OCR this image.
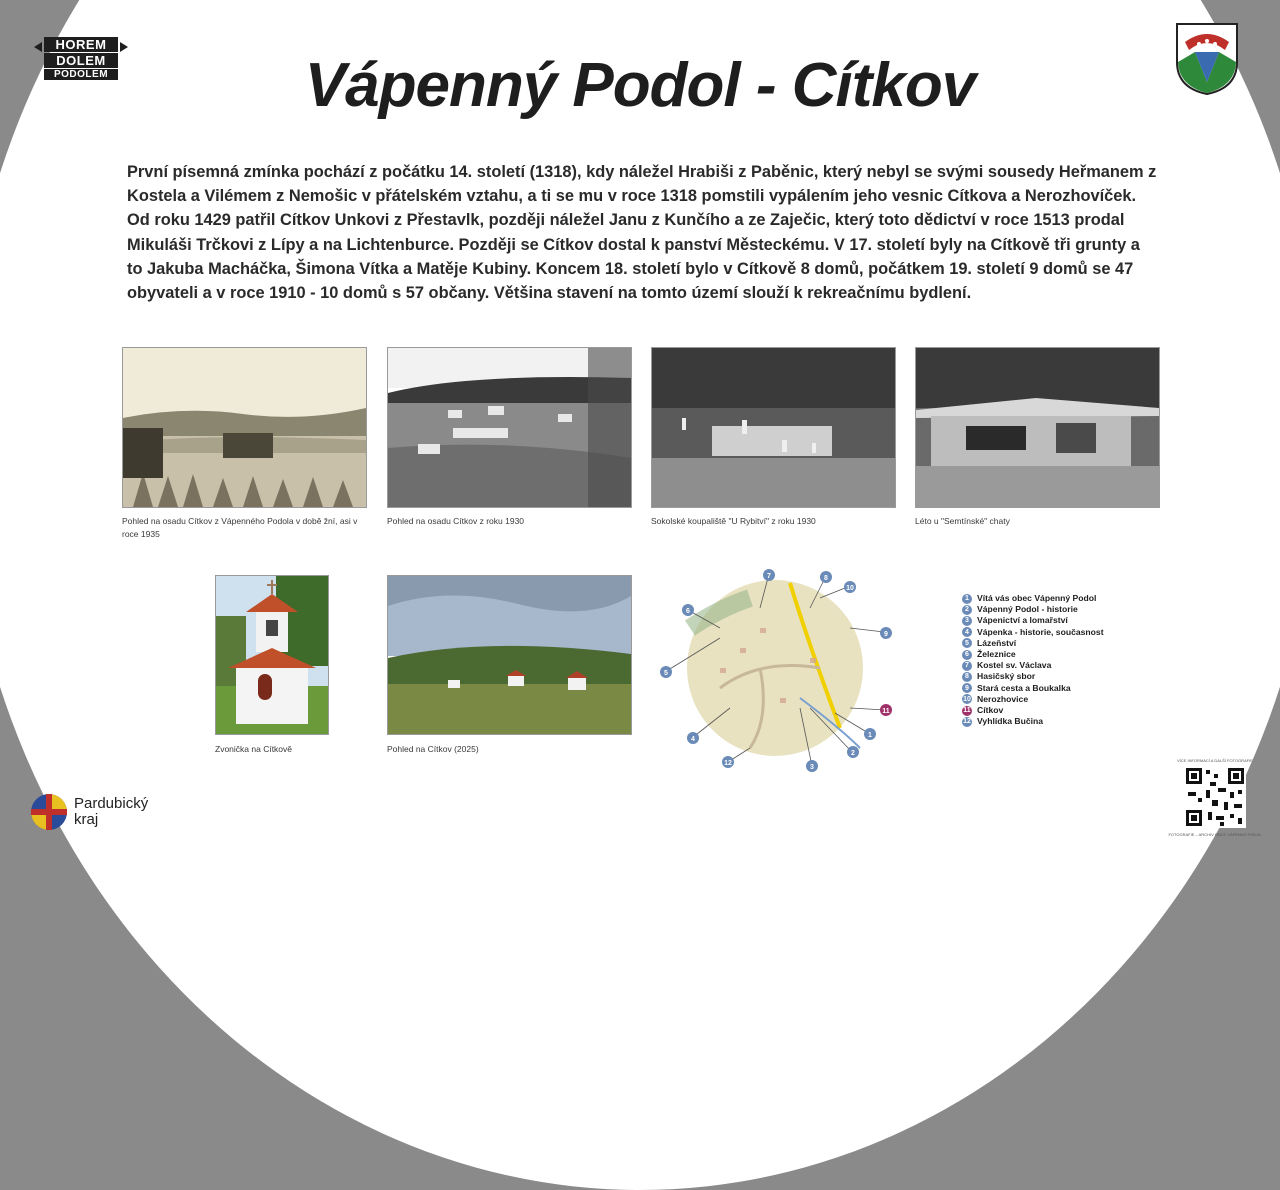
HOREM
DOLEM
PODOLEM	Vápenný Podol - Cítkov
První písemná zmínka pochází z počátku 14. století (1318), kdy náležel Hrabiši z Paběnic, který nebyl se svými sousedy Heřmanem z Kostela a Vilémem z Nemošic v přátelském vztahu, a ti se mu v roce 1318 pomstili vypálením jeho vesnic Cítkova a Nerozhovíček. Od roku 1429 patřil Cítkov Unkovi z Přestavlk, později náležel Janu z Kunčího a ze Zaječic, který toto dědictví v roce 1513 prodal Mikuláši Trčkovi z Lípy a na Lichtenburce. Později se Cítkov dostal k panství Městeckému. V 17. století byly na Cítkově tři grunty a to Jakuba Macháčka, Šimona Vítka a Matěje Kubiny. Koncem 18. století bylo v Cítkově 8 domů, počátkem 19. století 9 domů se 47 obyvateli a v roce 1910 - 10 domů s 57 občany. Většina stavení na tomto území slouží k rekreačnímu bydlení.
Pohled na osadu Cítkov z Vápenného Podola v době žní, asi v roce 1935
Pohled na osadu Cítkov z roku 1930	Sokolské koupaliště "U Rybitví" z roku 1930	Léto u "Semtínské" chaty
Zvonička na Cítkově	Pohled na Cítkov (2025)
7	8
10
9
6
5
4
12
3
2
1
11
1 Vítá vás obec Vápenný Podol
2 Vápenný Podol - historie
3 Vápenictví a lomařství
4 Vápenka - historie, současnost
5 Lázeňství
6 Železnice
7 Kostel sv. Václava
8 Hasičský sbor
9 Stará cesta a Boukalka
10 Nerozhovice
11 Cítkov
12 Vyhlídka Bučina
Pardubický
kraj
VÍCE INFORMACÍ A DALŠÍ FOTOGRAFIE
FOTOGRAFIE – ARCHIV OBCE VÁPENNÝ PODOL
